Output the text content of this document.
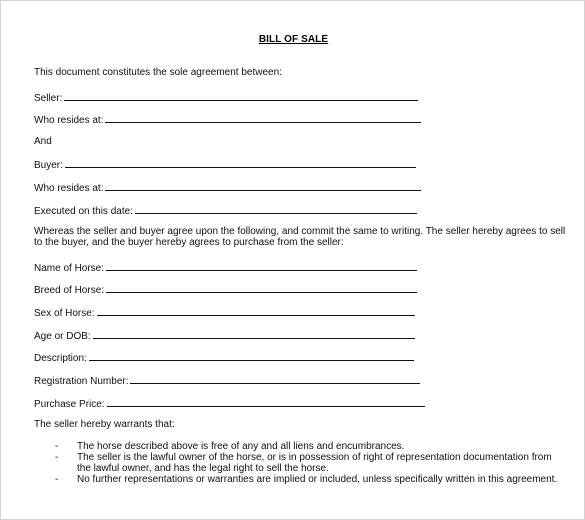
BILL OF SALE
This document constitutes the sole agreement between:
Seller:
Who resides at:
And
Buyer:
Who resides at:
Executed on this date:
Whereas the seller and buyer agree upon the following, and commit the same to writing. The seller hereby agrees to sell
to the buyer, and the buyer hereby agrees to purchase from the seller:
Name of Horse:
Breed of Horse:
Sex of Horse:
Age or DOB:
Description:
Registration Number:
Purchase Price:
The seller hereby warrants that:
- The horse described above is free of any and all liens and encumbrances.
- The seller is the lawful owner of the horse, or is in possession of right of representation documentation from the lawful owner, and has the legal right to sell the horse.
- No further representations or warranties are implied or included, unless specifically written in this agreement.
